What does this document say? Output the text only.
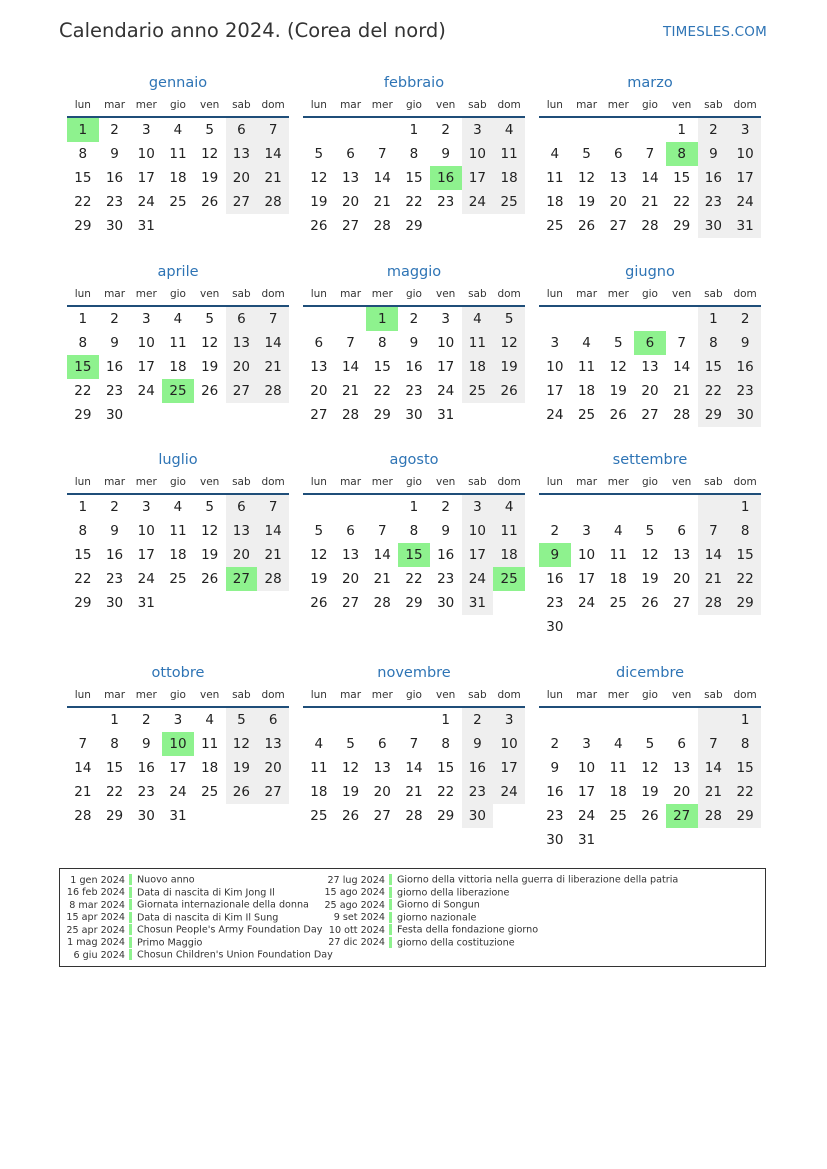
Calendario anno 2024. (Corea del nord)	TIMESLES.COM
gennaio
lun	mar	mer	gio	ven	sab	dom
1	2	3	4	5	6	7
8	9	10	11	12	13	14
15	16	17	18	19	20	21
22	23	24	25	26	27	28
29	30	31				
febbraio
lun	mar	mer	gio	ven	sab	dom
			1	2	3	4
5	6	7	8	9	10	11
12	13	14	15	16	17	18
19	20	21	22	23	24	25
26	27	28	29			
marzo
lun	mar	mer	gio	ven	sab	dom
				1	2	3
4	5	6	7	8	9	10
11	12	13	14	15	16	17
18	19	20	21	22	23	24
25	26	27	28	29	30	31
aprile
lun	mar	mer	gio	ven	sab	dom
1	2	3	4	5	6	7
8	9	10	11	12	13	14
15	16	17	18	19	20	21
22	23	24	25	26	27	28
29	30					
maggio
lun	mar	mer	gio	ven	sab	dom
		1	2	3	4	5
6	7	8	9	10	11	12
13	14	15	16	17	18	19
20	21	22	23	24	25	26
27	28	29	30	31		
giugno
lun	mar	mer	gio	ven	sab	dom
					1	2
3	4	5	6	7	8	9
10	11	12	13	14	15	16
17	18	19	20	21	22	23
24	25	26	27	28	29	30
luglio
lun	mar	mer	gio	ven	sab	dom
1	2	3	4	5	6	7
8	9	10	11	12	13	14
15	16	17	18	19	20	21
22	23	24	25	26	27	28
29	30	31				
agosto
lun	mar	mer	gio	ven	sab	dom
			1	2	3	4
5	6	7	8	9	10	11
12	13	14	15	16	17	18
19	20	21	22	23	24	25
26	27	28	29	30	31	
settembre
lun	mar	mer	gio	ven	sab	dom
						1
2	3	4	5	6	7	8
9	10	11	12	13	14	15
16	17	18	19	20	21	22
23	24	25	26	27	28	29
30						
ottobre
lun	mar	mer	gio	ven	sab	dom
	1	2	3	4	5	6
7	8	9	10	11	12	13
14	15	16	17	18	19	20
21	22	23	24	25	26	27
28	29	30	31			
novembre
lun	mar	mer	gio	ven	sab	dom
				1	2	3
4	5	6	7	8	9	10
11	12	13	14	15	16	17
18	19	20	21	22	23	24
25	26	27	28	29	30	
dicembre
lun	mar	mer	gio	ven	sab	dom
						1
2	3	4	5	6	7	8
9	10	11	12	13	14	15
16	17	18	19	20	21	22
23	24	25	26	27	28	29
30	31					
1 gen 2024 Nuovo anno
16 feb 2024 Data di nascita di Kim Jong Il
8 mar 2024 Giornata internazionale della donna
15 apr 2024 Data di nascita di Kim Il Sung
25 apr 2024 Chosun People's Army Foundation Day
1 mag 2024 Primo Maggio
6 giu 2024 Chosun Children's Union Foundation Day
27 lug 2024 Giorno della vittoria nella guerra di liberazione della patria
15 ago 2024 giorno della liberazione
25 ago 2024 Giorno di Songun
9 set 2024 giorno nazionale
10 ott 2024 Festa della fondazione giorno
27 dic 2024 giorno della costituzione
